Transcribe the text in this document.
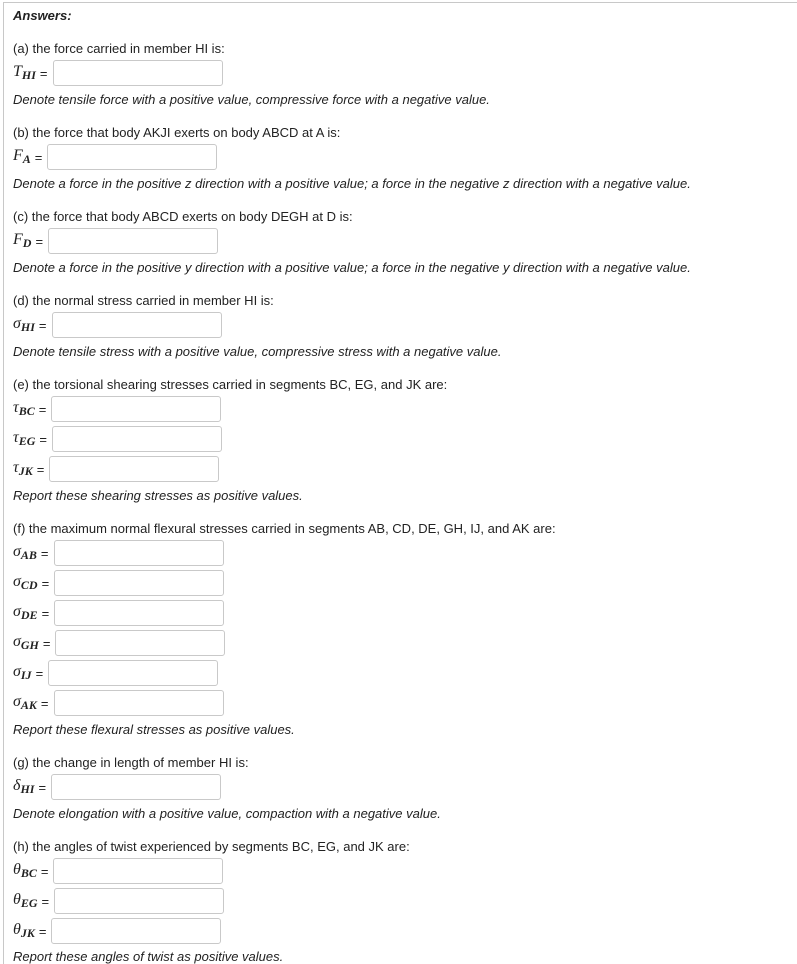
Answers:
(a) the force carried in member HI is:
$T_{HI}$ =
Denote tensile force with a positive value, compressive force with a negative value.
(b) the force that body AKJI exerts on body ABCD at A is:
$F_A$ =
Denote a force in the positive z direction with a positive value; a force in the negative z direction with a negative value.
(c) the force that body ABCD exerts on body DEGH at D is:
$F_D$ =
Denote a force in the positive y direction with a positive value; a force in the negative y direction with a negative value.
(d) the normal stress carried in member HI is:
$\sigma_{HI}$ =
Denote tensile stress with a positive value, compressive stress with a negative value.
(e) the torsional shearing stresses carried in segments BC, EG, and JK are:
$\tau_{BC}$ =
$\tau_{EG}$ =
$\tau_{JK}$ =
Report these shearing stresses as positive values.
(f) the maximum normal flexural stresses carried in segments AB, CD, DE, GH, IJ, and AK are:
$\sigma_{AB}$ =
$\sigma_{CD}$ =
$\sigma_{DE}$ =
$\sigma_{GH}$ =
$\sigma_{IJ}$ =
$\sigma_{AK}$ =
Report these flexural stresses as positive values.
(g) the change in length of member HI is:
$\delta_{HI}$ =
Denote elongation with a positive value, compaction with a negative value.
(h) the angles of twist experienced by segments BC, EG, and JK are:
$\theta_{BC}$ =
$\theta_{EG}$ =
$\theta_{JK}$ =
Report these angles of twist as positive values.
